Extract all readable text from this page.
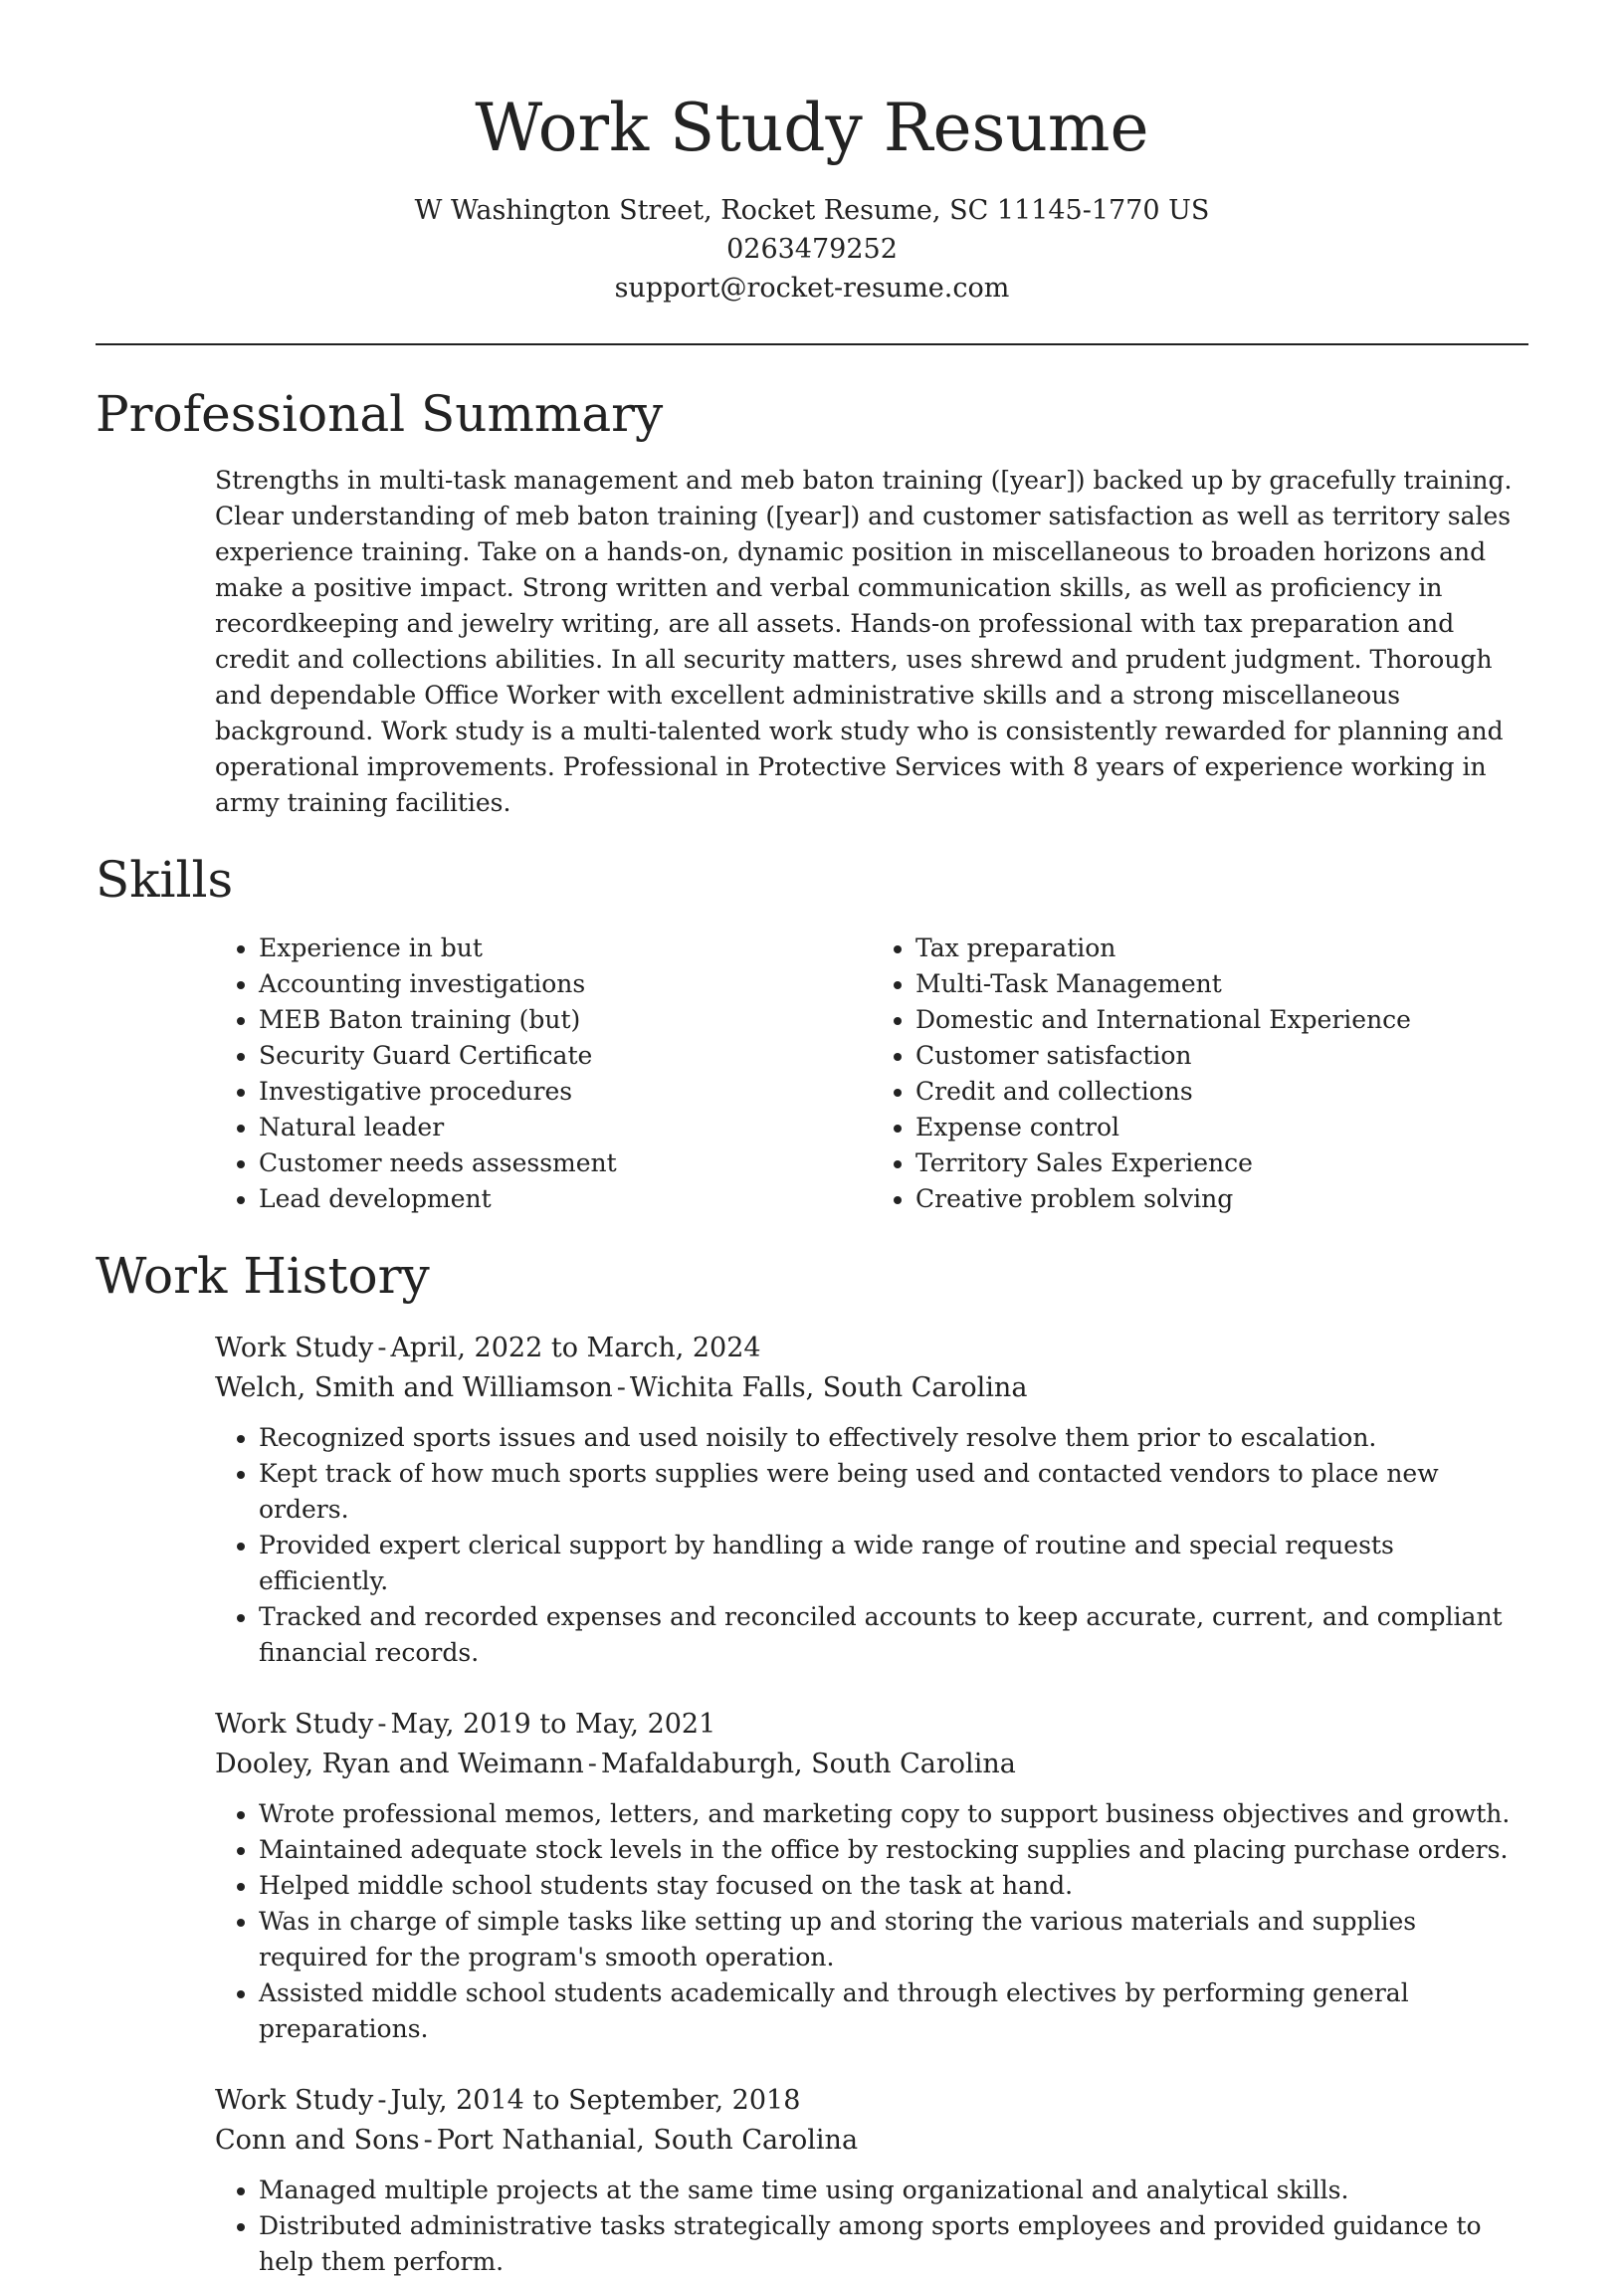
Work Study Resume

W Washington Street, Rocket Resume, SC 11145-1770 US

0263479252

support@rocket-resume.com

Professional Summary

Strengths in multi-task management and meb baton training ([year]) backed up by gracefully training. Clear understanding of meb baton training ([year]) and customer satisfaction as well as territory sales experience training. Take on a hands-on, dynamic position in miscellaneous to broaden horizons and make a positive impact. Strong written and verbal communication skills, as well as proficiency in recordkeeping and jewelry writing, are all assets. Hands-on professional with tax preparation and credit and collections abilities. In all security matters, uses shrewd and prudent judgment. Thorough and dependable Office Worker with excellent administrative skills and a strong miscellaneous background. Work study is a multi-talented work study who is consistently rewarded for planning and operational improvements. Professional in Protective Services with 8 years of experience working in army training facilities.

Skills
• Experience in but
• Accounting investigations
• MEB Baton training (but)
• Security Guard Certificate
• Investigative procedures
• Natural leader
• Customer needs assessment
• Lead development
• Tax preparation
• Multi-Task Management
• Domestic and International Experience
• Customer satisfaction
• Credit and collections
• Expense control
• Territory Sales Experience
• Creative problem solving
Work History

Work Study - April, 2022 to March, 2024

Welch, Smith and Williamson - Wichita Falls, South Carolina

• Recognized sports issues and used noisily to effectively resolve them prior to escalation.
• Kept track of how much sports supplies were being used and contacted vendors to place new orders.
• Provided expert clerical support by handling a wide range of routine and special requests efficiently.
• Tracked and recorded expenses and reconciled accounts to keep accurate, current, and compliant financial records.

Work Study - May, 2019 to May, 2021

Dooley, Ryan and Weimann - Mafaldaburgh, South Carolina

• Wrote professional memos, letters, and marketing copy to support business objectives and growth.
• Maintained adequate stock levels in the office by restocking supplies and placing purchase orders.
• Helped middle school students stay focused on the task at hand.
• Was in charge of simple tasks like setting up and storing the various materials and supplies required for the program's smooth operation.
• Assisted middle school students academically and through electives by performing general preparations.

Work Study - July, 2014 to September, 2018

Conn and Sons - Port Nathanial, South Carolina

• Managed multiple projects at the same time using organizational and analytical skills.
• Distributed administrative tasks strategically among sports employees and provided guidance to help them perform.
